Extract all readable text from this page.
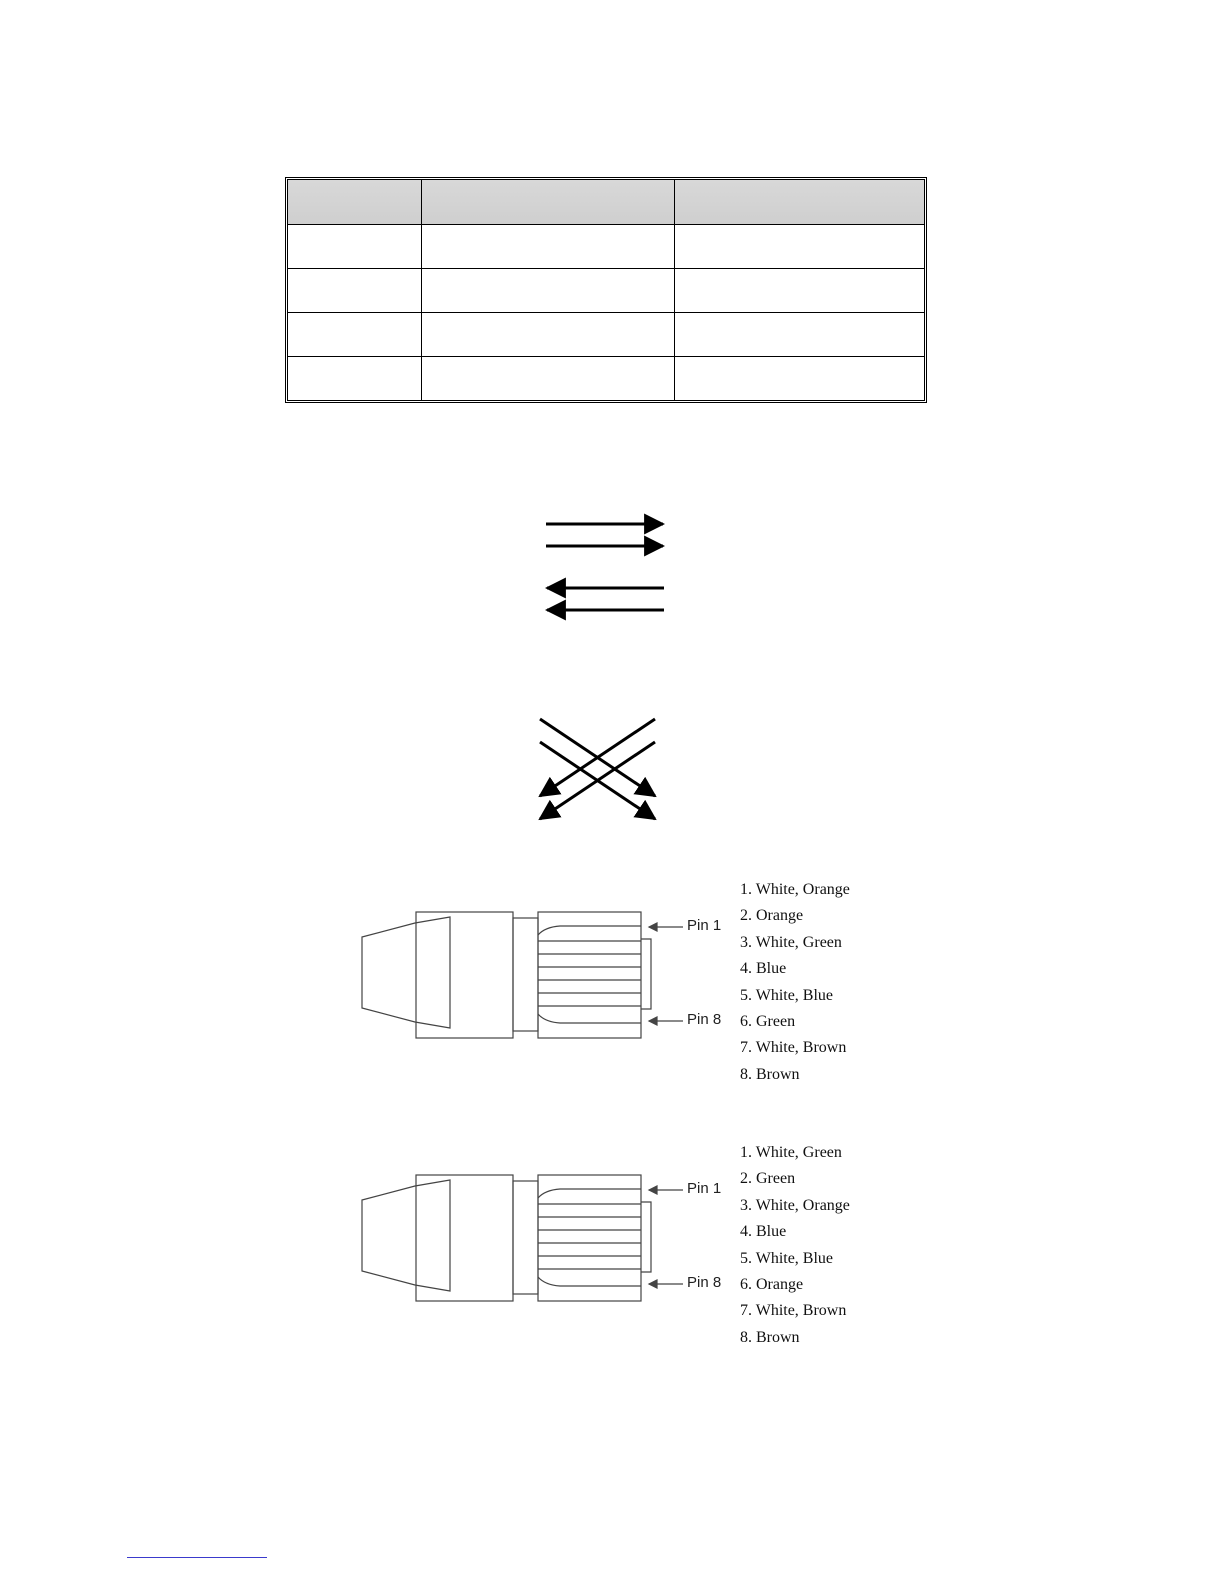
Pin 1
Pin 8
1. White, Orange
2. Orange
3. White, Green
4. Blue
5. White, Blue
6. Green
7. White, Brown
8. Brown
Pin 1
Pin 8
1. White, Green
2. Green
3. White, Orange
4. Blue
5. White, Blue
6. Orange
7. White, Brown
8. Brown
